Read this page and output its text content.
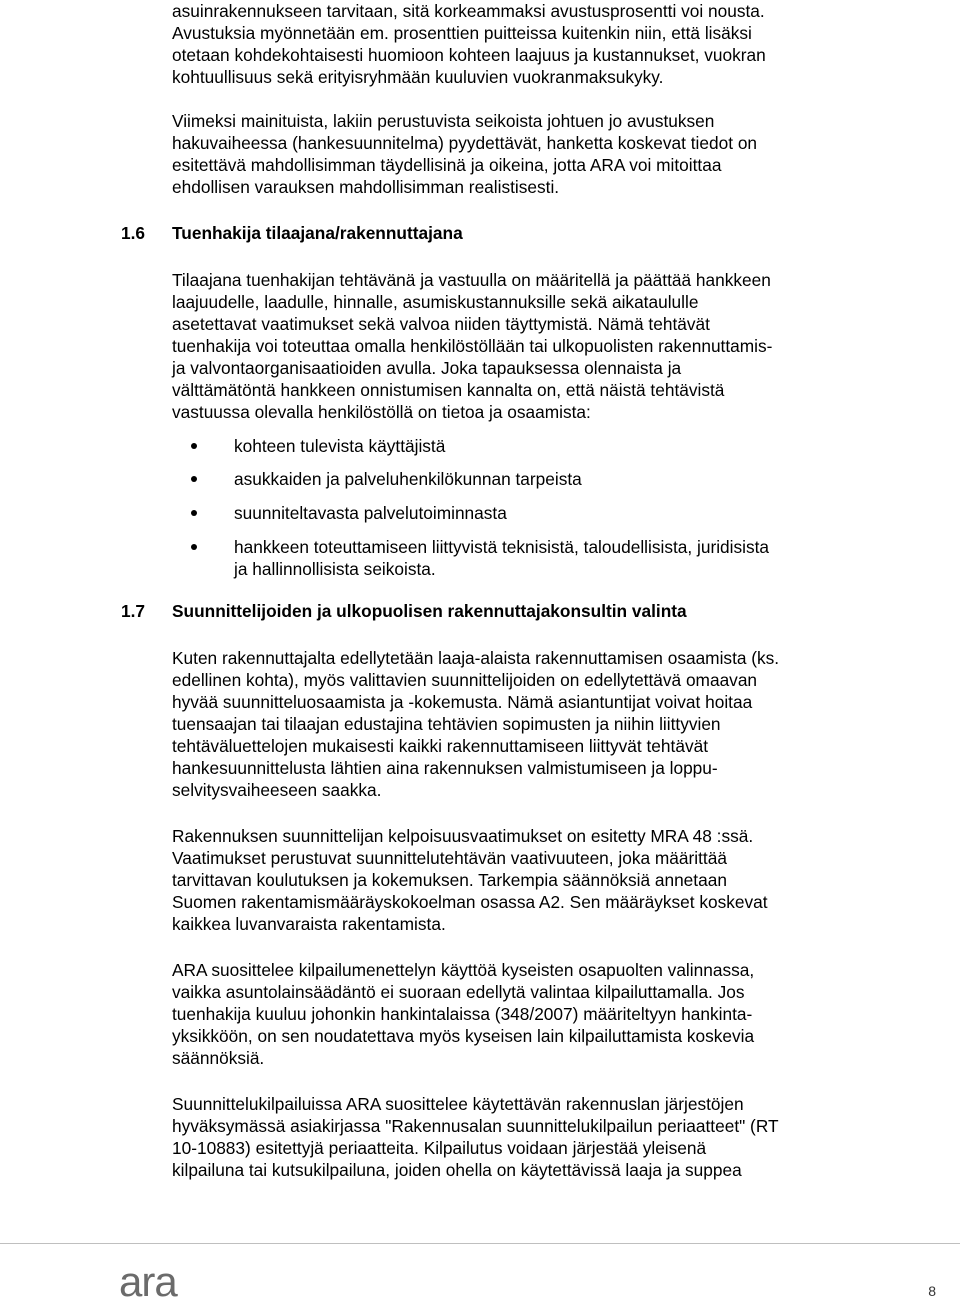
asuinrakennukseen tarvitaan, sitä korkeammaksi avustusprosentti voi nousta.
Avustuksia myönnetään em. prosenttien puitteissa kuitenkin niin, että lisäksi
otetaan kohdekohtaisesti huomioon kohteen laajuus ja kustannukset, vuokran
kohtuullisuus sekä erityisryhmään kuuluvien vuokranmaksukyky.
Viimeksi mainituista, lakiin perustuvista seikoista johtuen jo avustuksen
hakuvaiheessa (hankesuunnitelma) pyydettävät, hanketta koskevat tiedot on
esitettävä mahdollisimman täydellisinä ja oikeina, jotta ARA voi mitoittaa
ehdollisen varauksen mahdollisimman realistisesti.
1.6 Tuenhakija tilaajana/rakennuttajana
Tilaajana tuenhakijan tehtävänä ja vastuulla on määritellä ja päättää hankkeen
laajuudelle, laadulle, hinnalle, asumiskustannuksille sekä aikataululle
asetettavat vaatimukset sekä valvoa niiden täyttymistä. Nämä tehtävät
tuenhakija voi toteuttaa omalla henkilöstöllään tai ulkopuolisten rakennuttamis-
ja valvontaorganisaatioiden avulla. Joka tapauksessa olennaista ja
välttämätöntä hankkeen onnistumisen kannalta on, että näistä tehtävistä
vastuussa olevalla henkilöstöllä on tietoa ja osaamista:
kohteen tulevista käyttäjistä
asukkaiden ja palveluhenkilökunnan tarpeista
suunniteltavasta palvelutoiminnasta
hankkeen toteuttamiseen liittyvistä teknisistä, taloudellisista, juridisista
ja hallinnollisista seikoista.
1.7 Suunnittelijoiden ja ulkopuolisen rakennuttajakonsultin valinta
Kuten rakennuttajalta edellytetään laaja-alaista rakennuttamisen osaamista (ks.
edellinen kohta), myös valittavien suunnittelijoiden on edellytettävä omaavan
hyvää suunnitteluosaamista ja -kokemusta. Nämä asiantuntijat voivat hoitaa
tuensaajan tai tilaajan edustajina tehtävien sopimusten ja niihin liittyvien
tehtäväluettelojen mukaisesti kaikki rakennuttamiseen liittyvät tehtävät
hankesuunnittelusta lähtien aina rakennuksen valmistumiseen ja loppu-
selvitysvaiheeseen saakka.
Rakennuksen suunnittelijan kelpoisuusvaatimukset on esitetty MRA 48 :ssä.
Vaatimukset perustuvat suunnittelutehtävän vaativuuteen, joka määrittää
tarvittavan koulutuksen ja kokemuksen. Tarkempia säännöksiä annetaan
Suomen rakentamismääräyskokoelman osassa A2. Sen määräykset koskevat
kaikkea luvanvaraista rakentamista.
ARA suosittelee kilpailumenettelyn käyttöä kyseisten osapuolten valinnassa,
vaikka asuntolainsäädäntö ei suoraan edellytä valintaa kilpailuttamalla. Jos
tuenhakija kuuluu johonkin hankintalaissa (348/2007) määriteltyyn hankinta-
yksikköön, on sen noudatettava myös kyseisen lain kilpailuttamista koskevia
säännöksiä.
Suunnittelukilpailuissa ARA suosittelee käytettävän rakennuslan järjestöjen
hyväksymässä asiakirjassa "Rakennusalan suunnittelukilpailun periaatteet" (RT
10-10883) esitettyjä periaatteita. Kilpailutus voidaan järjestää yleisenä
kilpailuna tai kutsukilpailuna, joiden ohella on käytettävissä laaja ja suppea
ara	8
